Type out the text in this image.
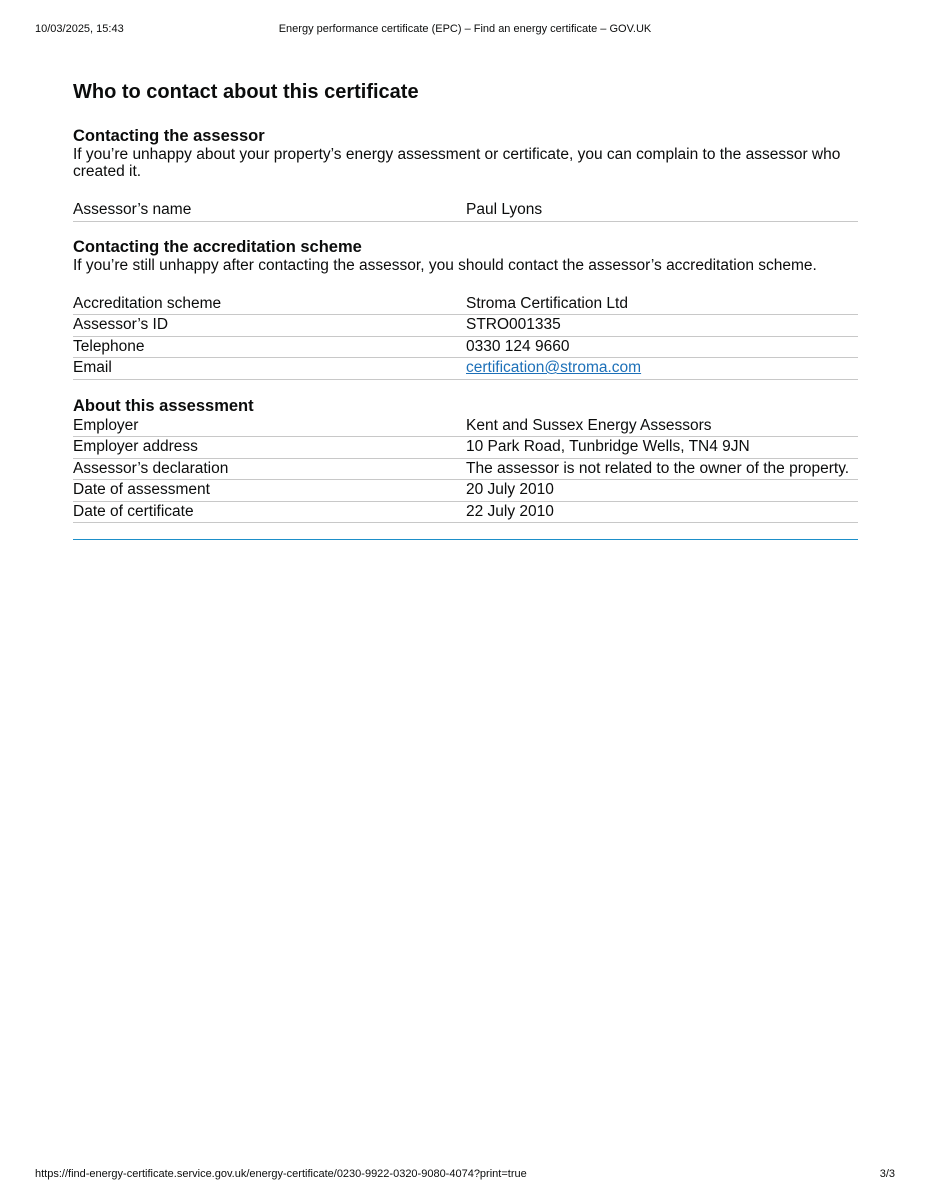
10/03/2025, 15:43	Energy performance certificate (EPC) – Find an energy certificate – GOV.UK
Who to contact about this certificate
Contacting the assessor

If you’re unhappy about your property’s energy assessment or certificate, you can complain to the assessor who created it.

Assessor’s name	Paul Lyons
Contacting the accreditation scheme

If you’re still unhappy after contacting the assessor, you should contact the assessor’s accreditation scheme.

Accreditation scheme	Stroma Certification Ltd
Assessor’s ID	STRO001335
Telephone	0330 124 9660
Email	certification@stroma.com
About this assessment
Employer	Kent and Sussex Energy Assessors
Employer address	10 Park Road, Tunbridge Wells, TN4 9JN
Assessor’s declaration	The assessor is not related to the owner of the property.
Date of assessment	20 July 2010
Date of certificate	22 July 2010
https://find-energy-certificate.service.gov.uk/energy-certificate/0230-9922-0320-9080-4074?print=true	3/3
